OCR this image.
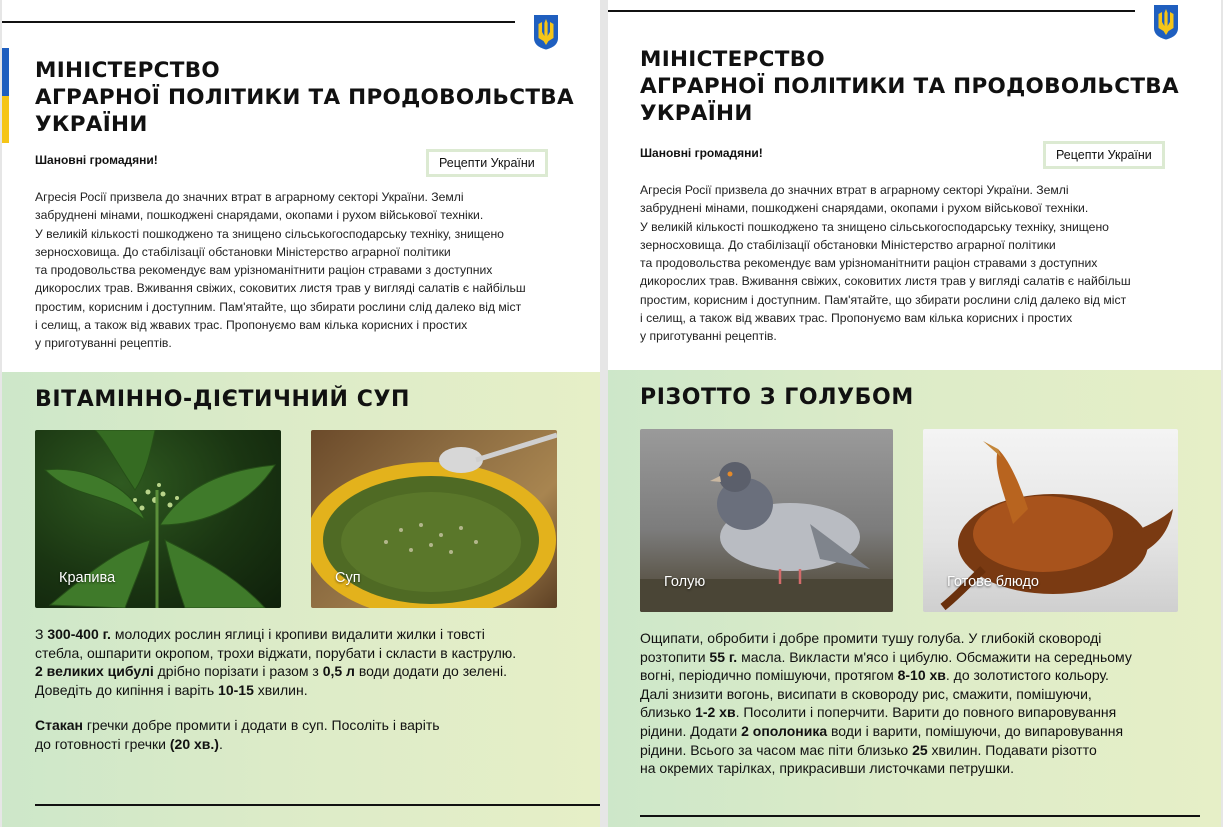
МІНІСТЕРСТВО
АГРАРНОЇ ПОЛІТИКИ ТА ПРОДОВОЛЬСТВА
УКРАЇНИ
Шановні громадяни!	Рецепти України

Агресія Росії призвела до значних втрат в аграрному секторі України. Землі
забруднені мінами, пошкоджені снарядами, окопами і рухом військової техніки.
У великій кількості пошкоджено та знищено сільськогосподарську техніку, знищено
зерносховища. До стабілізації обстановки Міністерство аграрної політики
та продовольства рекомендує вам урізноманітнити раціон стравами з доступних
дикорослих трав. Вживання свіжих, соковитих листя трав у вигляді салатів є найбільш
простим, корисним і доступним. Пам'ятайте, що збирати рослини слід далеко від міст
і селищ, а також від жвавих трас. Пропонуємо вам кілька корисних і простих
у приготуванні рецептів.

ВІТАМІННО-ДІЄТИЧНИЙ СУП
Крапива	Суп

З 300-400 г. молодих рослин яглиці і кропиви видалити жилки і товсті
стебла, ошпарити окропом, трохи віджати, порубати і скласти в каструлю.
2 великих цибулі дрібно порізати і разом з 0,5 л води додати до зелені.
Доведіть до кипіння і варіть 10-15 хвилин.
Стакан гречки добре промити і додати в суп. Посоліть і варіть
до готовності гречки (20 хв.).

МІНІСТЕРСТВО
АГРАРНОЇ ПОЛІТИКИ ТА ПРОДОВОЛЬСТВА
УКРАЇНИ
Шановні громадяни!	Рецепти України

Агресія Росії призвела до значних втрат в аграрному секторі України. Землі
забруднені мінами, пошкоджені снарядами, окопами і рухом військової техніки.
У великій кількості пошкоджено та знищено сільськогосподарську техніку, знищено
зерносховища. До стабілізації обстановки Міністерство аграрної політики
та продовольства рекомендує вам урізноманітнити раціон стравами з доступних
дикорослих трав. Вживання свіжих, соковитих листя трав у вигляді салатів є найбільш
простим, корисним і доступним. Пам'ятайте, що збирати рослини слід далеко від міст
і селищ, а також від жвавих трас. Пропонуємо вам кілька корисних і простих
у приготуванні рецептів.

РІЗОТТО З ГОЛУБОМ
Голую	Готове блюдо

Ощипати, обробити і добре промити тушу голуба. У глибокій сковороді
розтопити 55 г. масла. Викласти м'ясо і цибулю. Обсмажити на середньому
вогні, періодично помішуючи, протягом 8-10 хв. до золотистого кольору.
Далі знизити вогонь, висипати в сковороду рис, смажити, помішуючи,
близько 1-2 хв. Посолити і поперчити. Варити до повного випаровування
рідини. Додати 2 ополоника води і варити, помішуючи, до випаровування
рідини. Всього за часом має піти близько 25 хвилин. Подавати різотто
на окремих тарілках, прикрасивши листочками петрушки.
